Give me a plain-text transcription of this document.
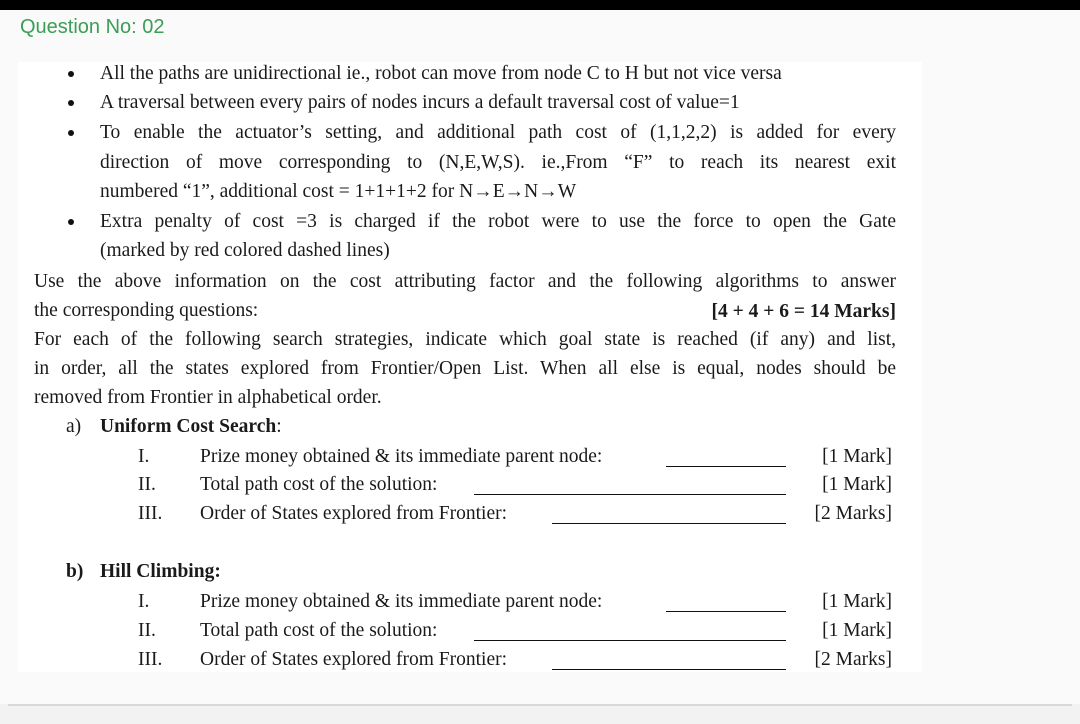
Question No: 02
All the paths are unidirectional ie., robot can move from node C to H but not vice versa
A traversal between every pairs of nodes incurs a default traversal cost of value=1
To enable the actuator’s setting, and additional path cost of (1,1,2,2) is added for every
direction of move corresponding to (N,E,W,S). ie.,From “F” to reach its nearest exit
numbered “1”, additional cost = 1+1+1+2 for N→E→N→W
Extra penalty of cost =3 is charged if the robot were to use the force to open the Gate
(marked by red colored dashed lines)
Use the above information on the cost attributing factor and the following algorithms to answer
the corresponding questions:	[4 + 4 + 6 = 14 Marks]
For each of the following search strategies, indicate which goal state is reached (if any) and list,
in order, all the states explored from Frontier/Open List. When all else is equal, nodes should be
removed from Frontier in alphabetical order.
a) Uniform Cost Search:
I.	Prize money obtained & its immediate parent node:	[1 Mark]
II. Total path cost of the solution:	[1 Mark]
III. Order of States explored from Frontier:	[2 Marks]
b) Hill Climbing:
I.	Prize money obtained & its immediate parent node:	[1 Mark]
II. Total path cost of the solution:	[1 Mark]
III. Order of States explored from Frontier:	[2 Marks]
